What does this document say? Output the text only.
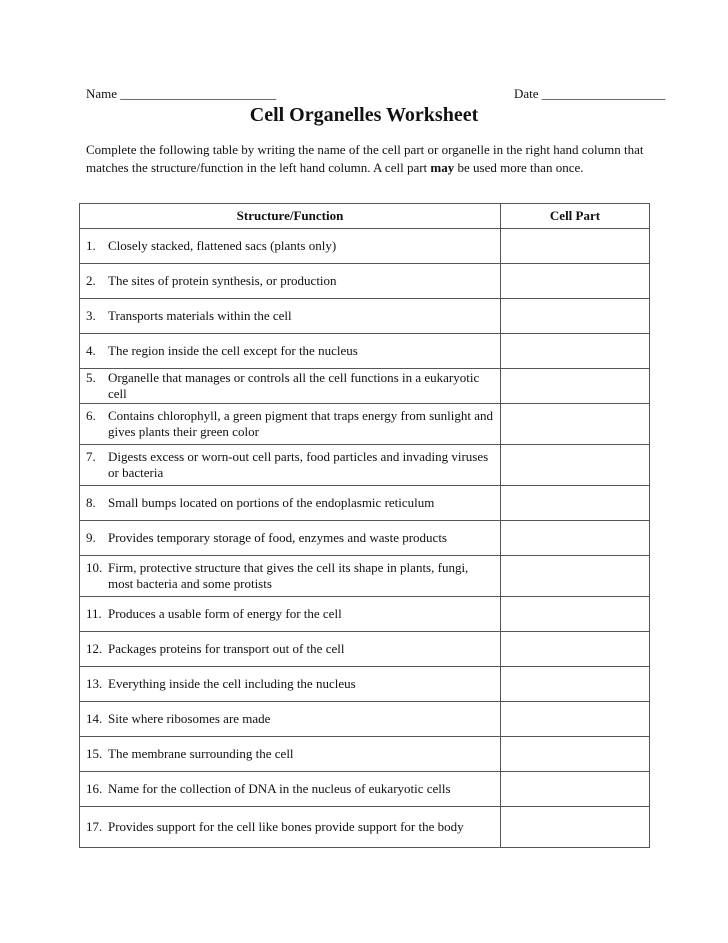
Name ________________________	Date ___________________
Cell Organelles Worksheet
Complete the following table by writing the name of the cell part or organelle in the right hand column that matches the structure/function in the left hand column. A cell part may be used more than once.
Structure/Function	Cell Part

1. Closely stacked, flattened sacs (plants only)	

2. The sites of protein synthesis, or production	

3. Transports materials within the cell	

4. The region inside the cell except for the nucleus	

5. Organelle that manages or controls all the cell functions in a eukaryotic cell	

6. Contains chlorophyll, a green pigment that traps energy from sunlight and gives plants their green color	

7. Digests excess or worn-out cell parts, food particles and invading viruses or bacteria	

8. Small bumps located on portions of the endoplasmic reticulum	

9. Provides temporary storage of food, enzymes and waste products	

10. Firm, protective structure that gives the cell its shape in plants, fungi, most bacteria and some protists	

11. Produces a usable form of energy for the cell	

12. Packages proteins for transport out of the cell	

13. Everything inside the cell including the nucleus	

14. Site where ribosomes are made	

15. The membrane surrounding the cell	

16. Name for the collection of DNA in the nucleus of eukaryotic cells	

17. Provides support for the cell like bones provide support for the body	
